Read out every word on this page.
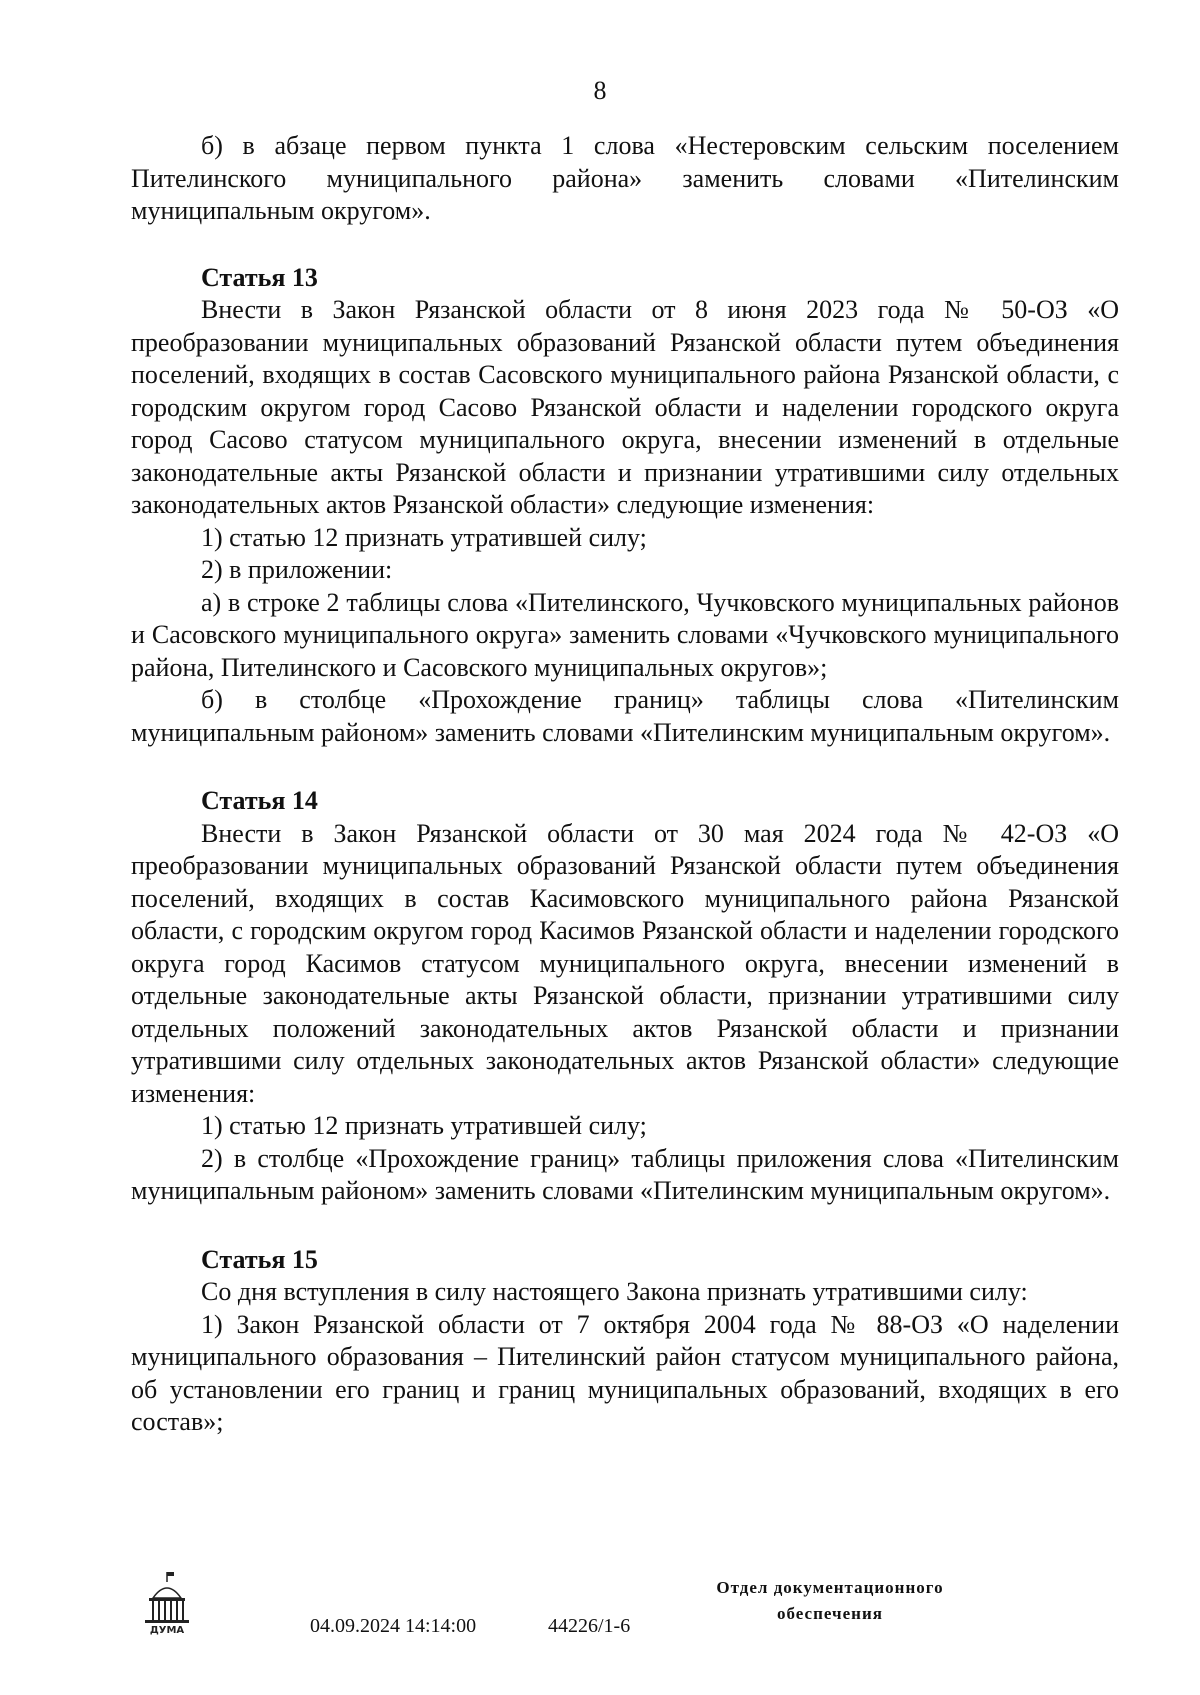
8

б) в абзаце первом пункта 1 слова «Нестеровским сельским поселением Пителинского муниципального района» заменить словами «Пителинским муниципальным округом».

Статья 13

Внести в Закон Рязанской области от 8 июня 2023 года № 50-ОЗ «О преобразовании муниципальных образований Рязанской области путем объединения поселений, входящих в состав Сасовского муниципального района Рязанской области, с городским округом город Сасово Рязанской области и наделении городского округа город Сасово статусом муниципального округа, внесении изменений в отдельные законодательные акты Рязанской области и признании утратившими силу отдельных законодательных актов Рязанской области» следующие изменения:

1) статью 12 признать утратившей силу;

2) в приложении:

а) в строке 2 таблицы слова «Пителинского, Чучковского муниципальных районов и Сасовского муниципального округа» заменить словами «Чучковского муниципального района, Пителинского и Сасовского муниципальных округов»;

б) в столбце «Прохождение границ» таблицы слова «Пителинским муниципальным районом» заменить словами «Пителинским муниципальным округом».

Статья 14

Внести в Закон Рязанской области от 30 мая 2024 года № 42-ОЗ «О преобразовании муниципальных образований Рязанской области путем объединения поселений, входящих в состав Касимовского муниципального района Рязанской области, с городским округом город Касимов Рязанской области и наделении городского округа город Касимов статусом муниципального округа, внесении изменений в отдельные законодательные акты Рязанской области, признании утратившими силу отдельных положений законодательных актов Рязанской области и признании утратившими силу отдельных законодательных актов Рязанской области» следующие изменения:

1) статью 12 признать утратившей силу;

2) в столбце «Прохождение границ» таблицы приложения слова «Пителинским муниципальным районом» заменить словами «Пителинским муниципальным округом».

Статья 15

Со дня вступления в силу настоящего Закона признать утратившими силу:

1) Закон Рязанской области от 7 октября 2004 года № 88-ОЗ «О наделении муниципального образования – Пителинский район статусом муниципального района, об установлении его границ и границ муниципальных образований, входящих в его состав»;

ДУМА	04.09.2024 14:14:00	44226/1-6
Отдел документационного
обеспечения
